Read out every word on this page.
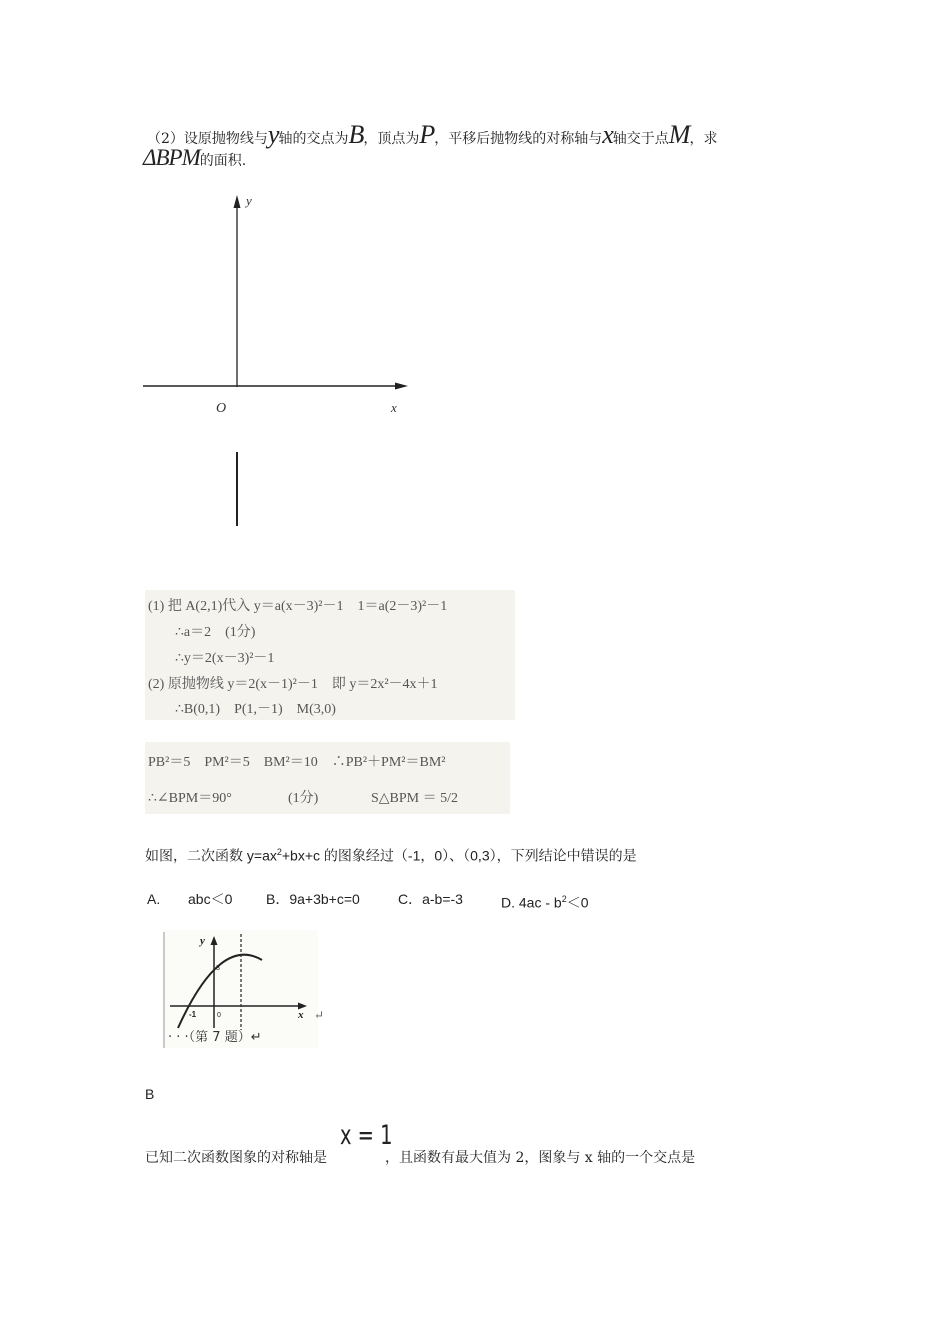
（2）设原抛物线与y轴的交点为B，顶点为P，平移后抛物线的对称轴与x轴交于点M，求
ΔBPM的面积.
y
x
O
(1) 把 A(2,1)代入 y＝a(x－3)²－1　1＝a(2－3)²－1
∴a＝2　(1分)
∴y＝2(x－3)²－1
(2) 原抛物线 y＝2(x－1)²－1　即 y＝2x²－4x＋1
∴B(0,1)　P(1,－1)　M(3,0)
PB²＝5　PM²＝5　BM²＝10　∴PB²＋PM²＝BM²
∴∠BPM＝90°	(1分)	S△BPM ＝ 5/2
如图，二次函数 $y=ax^2+bx+c$ 的图象经过（-1，0）、（0,3），下列结论中错误的是
A. abc＜0 B．9a+3b+c=0	C．a-b=-3	D. $4ac - b^2<0$
y
x
-1	0
3
· · ·（第 7 题）↵
↵
B
已知二次函数图象的对称轴是
x = 1
，且函数有最大值为 2，图象与 x 轴的一个交点是
